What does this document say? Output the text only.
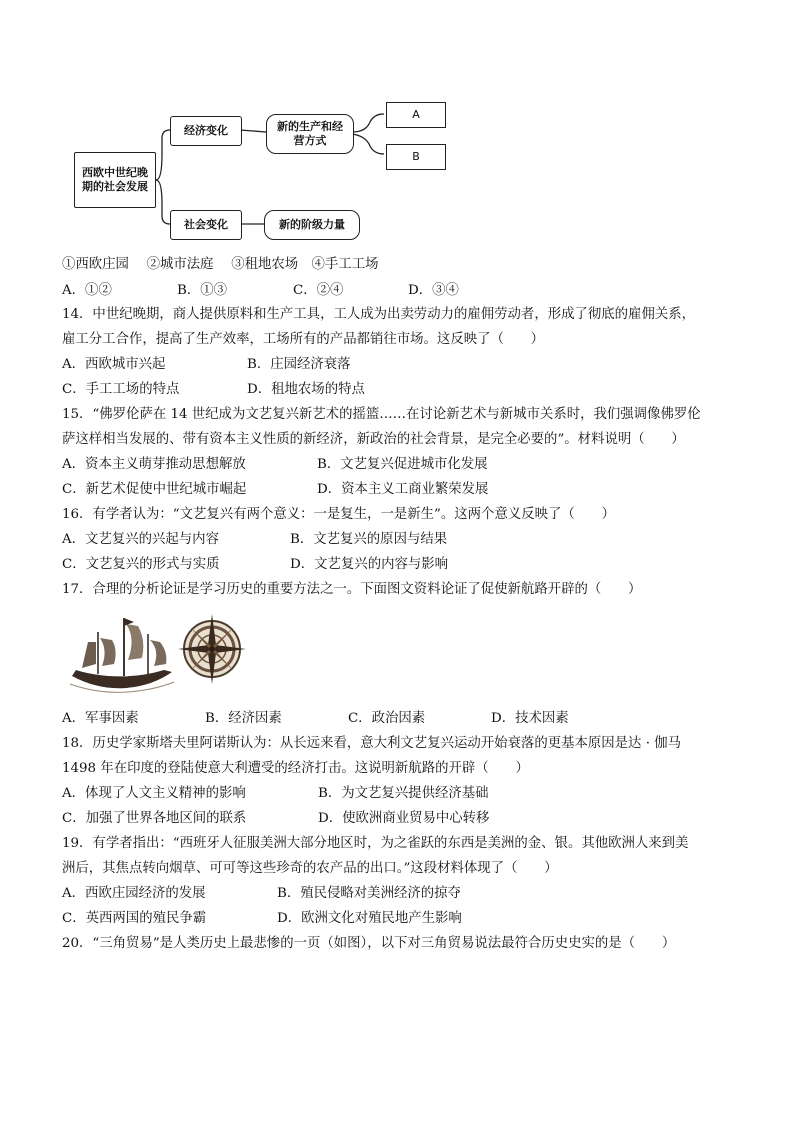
西欧中世纪晚期的社会发展
经济变化	新的生产和经营方式
A
B
社会变化	新的阶级力量
①西欧庄园　 ②城市法庭　 ③租地农场　④手工工场
A．①②	B．①③	C．②④	D．③④
14．中世纪晚期，商人提供原料和生产工具，工人成为出卖劳动力的雇佣劳动者，形成了彻底的雇佣关系，
雇工分工合作，提高了生产效率，工场所有的产品都销往市场。这反映了（　　）
A．西欧城市兴起	B．庄园经济衰落
C．手工工场的特点	D．租地农场的特点
15．“佛罗伦萨在 14 世纪成为文艺复兴新艺术的摇篮……在讨论新艺术与新城市关系时，我们强调像佛罗伦
萨这样相当发展的、带有资本主义性质的新经济，新政治的社会背景，是完全必要的”。材料说明（　　）
A．资本主义萌芽推动思想解放	B．文艺复兴促进城市化发展
C．新艺术促使中世纪城市崛起	D．资本主义工商业繁荣发展
16．有学者认为：“文艺复兴有两个意义：一是复生，一是新生”。这两个意义反映了（　　）
A．文艺复兴的兴起与内容	B．文艺复兴的原因与结果
C．文艺复兴的形式与实质	D．文艺复兴的内容与影响
17．合理的分析论证是学习历史的重要方法之一。下面图文资料论证了促使新航路开辟的（　　）
A．军事因素	B．经济因素	C．政治因素	D．技术因素
18．历史学家斯塔夫里阿诺斯认为：从长远来看，意大利文艺复兴运动开始衰落的更基本原因是达 · 伽马
1498 年在印度的登陆使意大利遭受的经济打击。这说明新航路的开辟（　　）
A．体现了人文主义精神的影响	B．为文艺复兴提供经济基础
C．加强了世界各地区间的联系	D．使欧洲商业贸易中心转移
19．有学者指出：“西班牙人征服美洲大部分地区时，为之雀跃的东西是美洲的金、银。其他欧洲人来到美
洲后，其焦点转向烟草、可可等这些珍奇的农产品的出口。”这段材料体现了（　　）
A．西欧庄园经济的发展	B．殖民侵略对美洲经济的掠夺
C．英西两国的殖民争霸	D．欧洲文化对殖民地产生影响
20．“三角贸易”是人类历史上最悲惨的一页（如图），以下对三角贸易说法最符合历史史实的是（　　）
